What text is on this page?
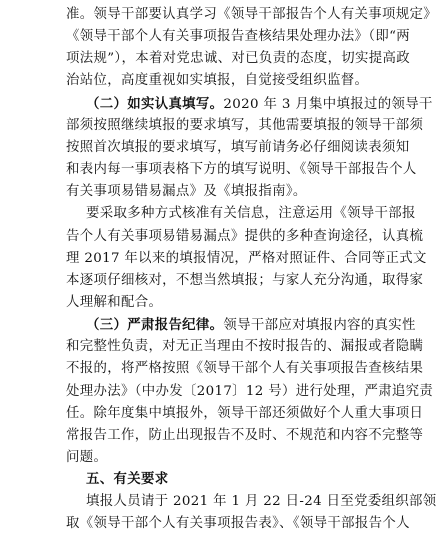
准。领导干部要认真学习《领导干部报告个人有关事项规定》
《领导干部个人有关事项报告查核结果处理办法》（即“两
项法规”），本着对党忠诚、对已负责的态度，切实提高政
治站位，高度重视如实填报，自觉接受组织监督。
（二）如实认真填写。2020 年 3 月集中填报过的领导干
部须按照继续填报的要求填写，其他需要填报的领导干部须
按照首次填报的要求填写，填写前请务必仔细阅读表须知
和表内每一事项表格下方的填写说明、《领导干部报告个人
有关事项易错易漏点》及《填报指南》。
要采取多种方式核准有关信息，注意运用《领导干部报
告个人有关事项易错易漏点》提供的多种查询途径，认真梳
理 2017 年以来的填报情况，严格对照证件、合同等正式文
本逐项仔细核对，不想当然填报；与家人充分沟通，取得家
人理解和配合。
（三）严肃报告纪律。领导干部应对填报内容的真实性
和完整性负责，对无正当理由不按时报告的、漏报或者隐瞒
不报的，将严格按照《领导干部个人有关事项报告查核结果
处理办法》（中办发〔2017〕12 号）进行处理，严肃追究责
任。除年度集中填报外，领导干部还须做好个人重大事项日
常报告工作，防止出现报告不及时、不规范和内容不完整等
问题。
五、有关要求
填报人员请于 2021 年 1 月 22 日-24 日至党委组织部领
取《领导干部个人有关事项报告表》、《领导干部报告个人
